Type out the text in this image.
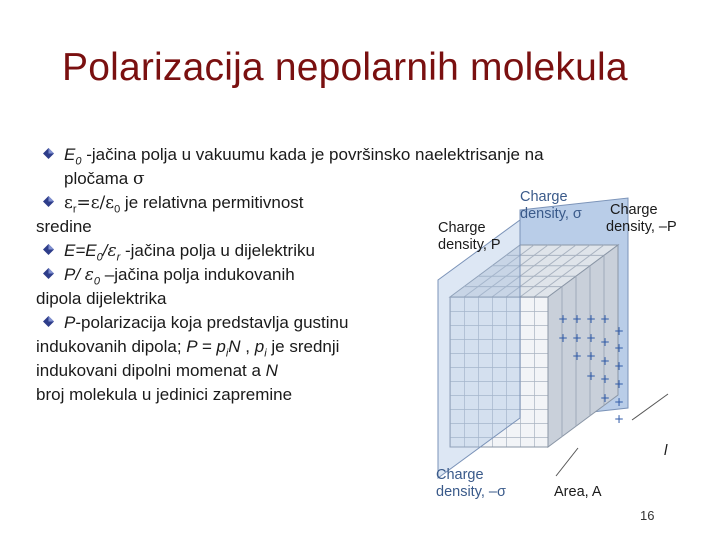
Polarizacija nepolarnih molekula
$E_0$ -jačina polja u vakuumu kada je površinsko naelektrisanje na
pločama σ
$\varepsilon_r=\varepsilon/\varepsilon_0$ je relativna permitivnost
sredine
$E=E_0/\varepsilon_r$ -jačina polja u dijelektriku
P/ $\varepsilon_0$ –jačina polja indukovanih
dipola dijelektrika
P-polarizacija koja predstavlja gustinu
indukovanih dipola; $P = p_iN$ , $p_i$ je srednji
indukovani dipolni momenat a N
broj molekula u jedinici zapremine
+ + + +
+
+ + + + +
+ + + +
+ + +
+ +
+
Charge
density, σ Charge
density, –P
Charge
density, P
Charge
density, –σ	Area, A
l
16
